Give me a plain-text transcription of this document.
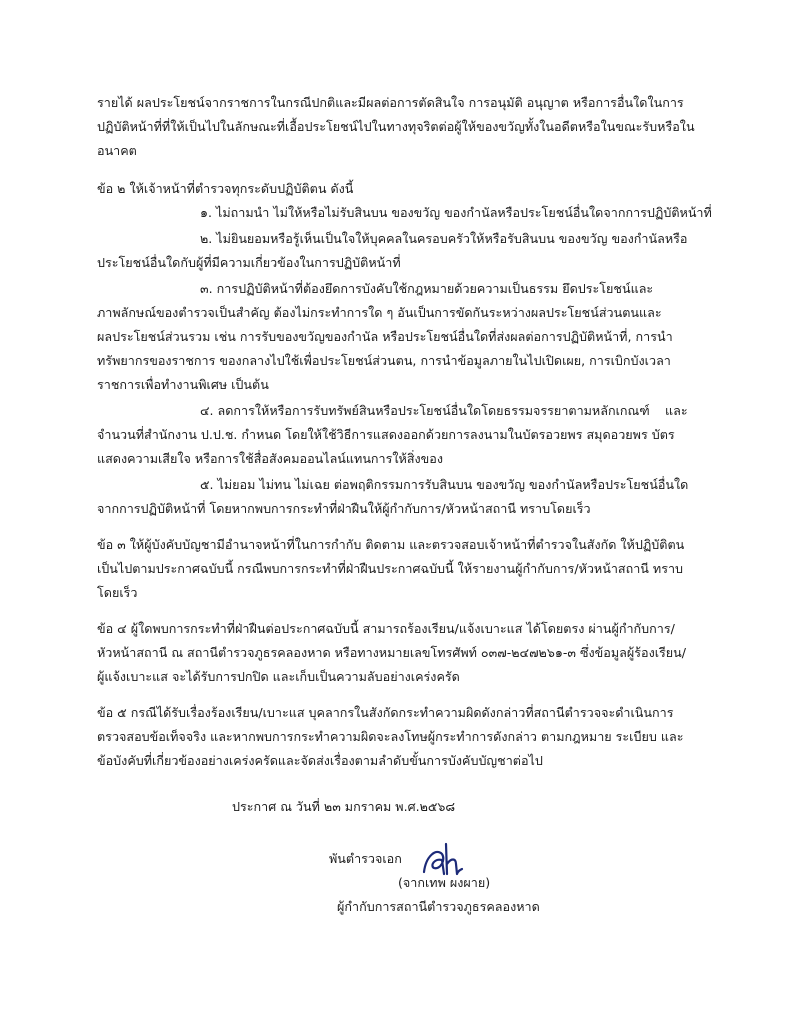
รายได้ ผลประโยชน์จากราชการในกรณีปกติและมีผลต่อการตัดสินใจ การอนุมัติ อนุญาต หรือการอื่นใดในการ
ปฏิบัติหน้าที่ที่ให้เป็นไปในลักษณะที่เอื้อประโยชน์ไปในทางทุจริตต่อผู้ให้ของขวัญทั้งในอดีตหรือในขณะรับหรือใน
อนาคต
ข้อ ๒ ให้เจ้าหน้าที่ตำรวจทุกระดับปฏิบัติตน ดังนี้
๑. ไม่ถามนำ ไม่ให้หรือไม่รับสินบน ของขวัญ ของกำนัลหรือประโยชน์อื่นใดจากการปฏิบัติหน้าที่
๒. ไม่ยินยอมหรือรู้เห็นเป็นใจให้บุคคลในครอบครัวให้หรือรับสินบน ของขวัญ ของกำนัลหรือ
ประโยชน์อื่นใดกับผู้ที่มีความเกี่ยวข้องในการปฏิบัติหน้าที่
๓. การปฏิบัติหน้าที่ต้องยึดการบังคับใช้กฎหมายด้วยความเป็นธรรม ยึดประโยชน์และ
ภาพลักษณ์ของตำรวจเป็นสำคัญ ต้องไม่กระทำการใด ๆ อันเป็นการขัดกันระหว่างผลประโยชน์ส่วนตนและ
ผลประโยชน์ส่วนรวม เช่น การรับของขวัญของกำนัล หรือประโยชน์อื่นใดที่ส่งผลต่อการปฏิบัติหน้าที่, การนำ
ทรัพยากรของราชการ ของกลางไปใช้เพื่อประโยชน์ส่วนตน, การนำข้อมูลภายในไปเปิดเผย, การเบิกบังเวลา
ราชการเพื่อทำงานพิเศษ เป็นต้น
๔. ลดการให้หรือการรับทรัพย์สินหรือประโยชน์อื่นใดโดยธรรมจรรยาตามหลักเกณฑ์ และ
จำนวนที่สำนักงาน ป.ป.ช. กำหนด โดยให้ใช้วิธีการแสดงออกด้วยการลงนามในบัตรอวยพร สมุดอวยพร บัตร
แสดงความเสียใจ หรือการใช้สื่อสังคมออนไลน์แทนการให้สิ่งของ
๕. ไม่ยอม ไม่ทน ไม่เฉย ต่อพฤติกรรมการรับสินบน ของขวัญ ของกำนัลหรือประโยชน์อื่นใด
จากการปฏิบัติหน้าที่ โดยหากพบการกระทำที่ฝ่าฝืนให้ผู้กำกับการ/หัวหน้าสถานี ทราบโดยเร็ว
ข้อ ๓ ให้ผู้บังคับบัญชามีอำนาจหน้าที่ในการกำกับ ติดตาม และตรวจสอบเจ้าหน้าที่ตำรวจในสังกัด ให้ปฏิบัติตน
เป็นไปตามประกาศฉบับนี้ กรณีพบการกระทำที่ฝ่าฝืนประกาศฉบับนี้ ให้รายงานผู้กำกับการ/หัวหน้าสถานี ทราบ
โดยเร็ว
ข้อ ๔ ผู้ใดพบการกระทำที่ฝ่าฝืนต่อประกาศฉบับนี้ สามารถร้องเรียน/แจ้งเบาะแส ได้โดยตรง ผ่านผู้กำกับการ/
หัวหน้าสถานี ณ สถานีตำรวจภูธรคลองหาด หรือทางหมายเลขโทรศัพท์ ๐๓๗-๒๔๗๒๖๑-๓ ซึ่งข้อมูลผู้ร้องเรียน/
ผู้แจ้งเบาะแส จะได้รับการปกปิด และเก็บเป็นความลับอย่างเคร่งครัด
ข้อ ๕ กรณีได้รับเรื่องร้องเรียน/เบาะแส บุคลากรในสังกัดกระทำความผิดดังกล่าวที่สถานีตำรวจจะดำเนินการ
ตรวจสอบข้อเท็จจริง และหากพบการกระทำความผิดจะลงโทษผู้กระทำการดังกล่าว ตามกฎหมาย ระเบียบ และ
ข้อบังคับที่เกี่ยวข้องอย่างเคร่งครัดและจัดส่งเรื่องตามลำดับขั้นการบังคับบัญชาต่อไป
ประกาศ ณ วันที่ ๒๓ มกราคม พ.ศ.๒๕๖๘
พันตำรวจเอก
(จากเทพ ผงผาย)
ผู้กำกับการสถานีตำรวจภูธรคลองหาด
